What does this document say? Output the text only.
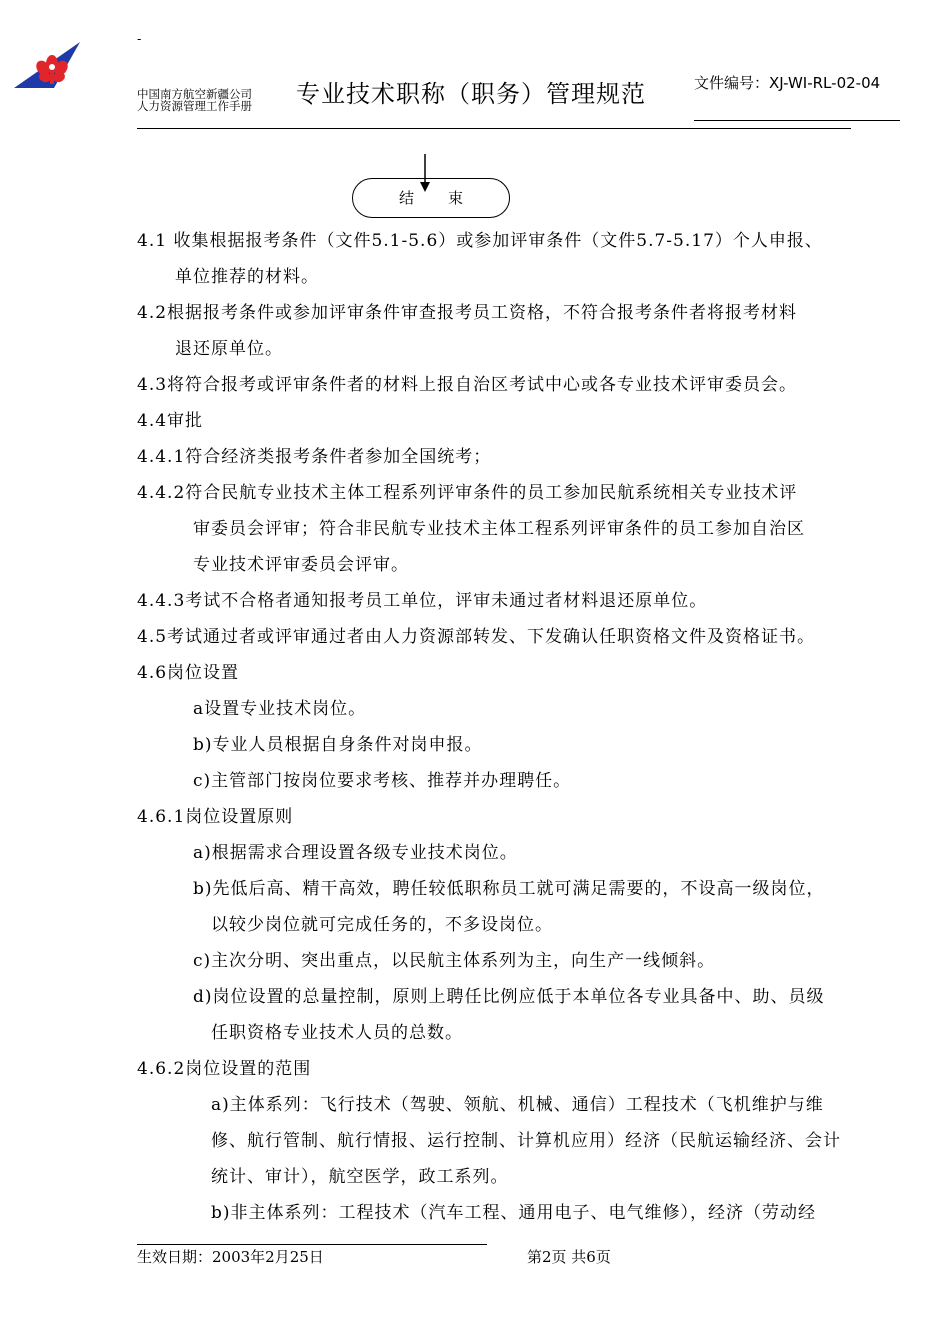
-
中国南方航空新疆公司
人力资源管理工作手册 专业技术职称（职务）管理规范	文件编号：XJ-WI-RL-02-04
结束
4.1 收集根据报考条件（文件5.1-5.6）或参加评审条件（文件5.7-5.17）个人申报、
单位推荐的材料。
4.2根据报考条件或参加评审条件审查报考员工资格，不符合报考条件者将报考材料
退还原单位。
4.3将符合报考或评审条件者的材料上报自治区考试中心或各专业技术评审委员会。
4.4审批
4.4.1符合经济类报考条件者参加全国统考；
4.4.2符合民航专业技术主体工程系列评审条件的员工参加民航系统相关专业技术评
审委员会评审；符合非民航专业技术主体工程系列评审条件的员工参加自治区
专业技术评审委员会评审。
4.4.3考试不合格者通知报考员工单位，评审未通过者材料退还原单位。
4.5考试通过者或评审通过者由人力资源部转发、下发确认任职资格文件及资格证书。
4.6岗位设置
a设置专业技术岗位。
b)专业人员根据自身条件对岗申报。
c)主管部门按岗位要求考核、推荐并办理聘任。
4.6.1岗位设置原则
a)根据需求合理设置各级专业技术岗位。
b)先低后高、精干高效，聘任较低职称员工就可满足需要的，不设高一级岗位，
以较少岗位就可完成任务的，不多设岗位。
c)主次分明、突出重点，以民航主体系列为主，向生产一线倾斜。
d)岗位设置的总量控制，原则上聘任比例应低于本单位各专业具备中、助、员级
任职资格专业技术人员的总数。
4.6.2岗位设置的范围
a)主体系列：飞行技术（驾驶、领航、机械、通信）工程技术（飞机维护与维
修、航行管制、航行情报、运行控制、计算机应用）经济（民航运输经济、会计
统计、审计），航空医学，政工系列。
b)非主体系列：工程技术（汽车工程、通用电子、电气维修），经济（劳动经
生效日期：2003年2月25日	第2页 共6页
